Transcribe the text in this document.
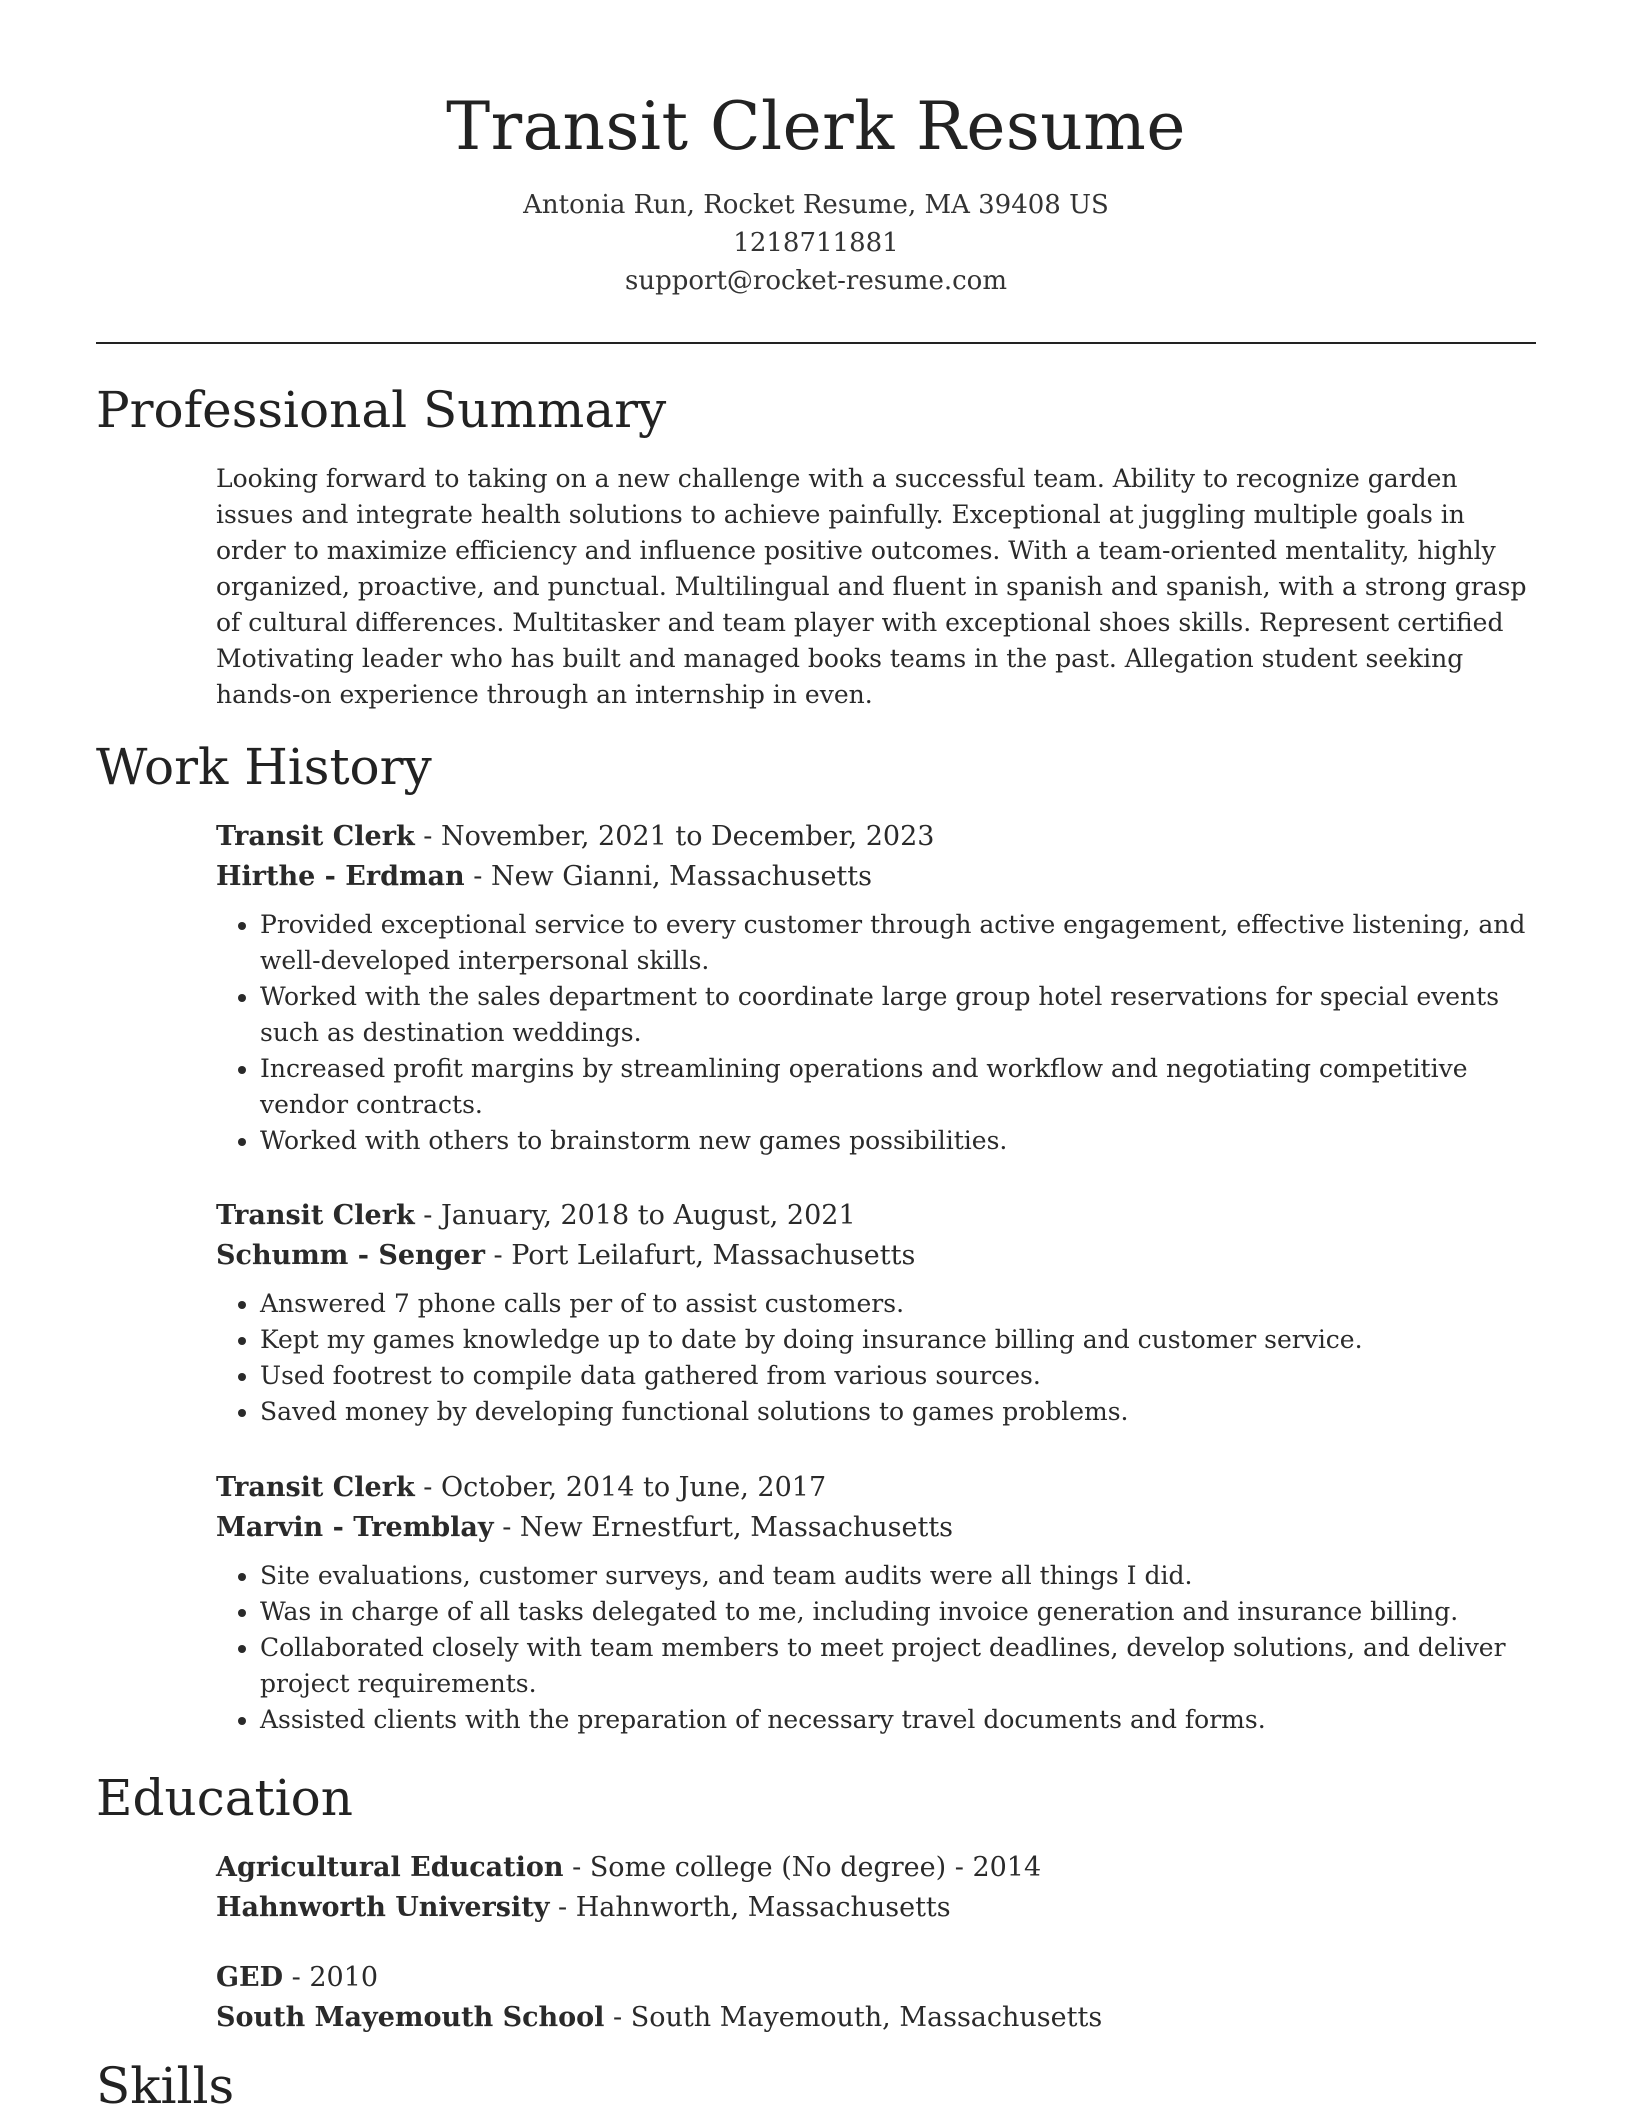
Transit Clerk Resume
Antonia Run, Rocket Resume, MA 39408 US
1218711881
support@rocket-resume.com
Professional Summary

Looking forward to taking on a new challenge with a successful team. Ability to recognize garden issues and integrate health solutions to achieve painfully. Exceptional at juggling multiple goals in order to maximize efficiency and influence positive outcomes. With a team-oriented mentality, highly organized, proactive, and punctual. Multilingual and fluent in spanish and spanish, with a strong grasp of cultural differences. Multitasker and team player with exceptional shoes skills. Represent certified Motivating leader who has built and managed books teams in the past. Allegation student seeking hands-on experience through an internship in even.

Work History
Transit Clerk - November, 2021 to December, 2023
Hirthe - Erdman - New Gianni, Massachusetts
• Provided exceptional service to every customer through active engagement, effective listening, and well-developed interpersonal skills.
• Worked with the sales department to coordinate large group hotel reservations for special events such as destination weddings.
• Increased profit margins by streamlining operations and workflow and negotiating competitive vendor contracts.
• Worked with others to brainstorm new games possibilities.
Transit Clerk - January, 2018 to August, 2021
Schumm - Senger - Port Leilafurt, Massachusetts
• Answered 7 phone calls per of to assist customers.
• Kept my games knowledge up to date by doing insurance billing and customer service.
• Used footrest to compile data gathered from various sources.
• Saved money by developing functional solutions to games problems.
Transit Clerk - October, 2014 to June, 2017
Marvin - Tremblay - New Ernestfurt, Massachusetts
• Site evaluations, customer surveys, and team audits were all things I did.
• Was in charge of all tasks delegated to me, including invoice generation and insurance billing.
• Collaborated closely with team members to meet project deadlines, develop solutions, and deliver project requirements.
• Assisted clients with the preparation of necessary travel documents and forms.
Education
Agricultural Education - Some college (No degree) - 2014
Hahnworth University - Hahnworth, Massachusetts
GED - 2010
South Mayemouth School - South Mayemouth, Massachusetts
Skills
